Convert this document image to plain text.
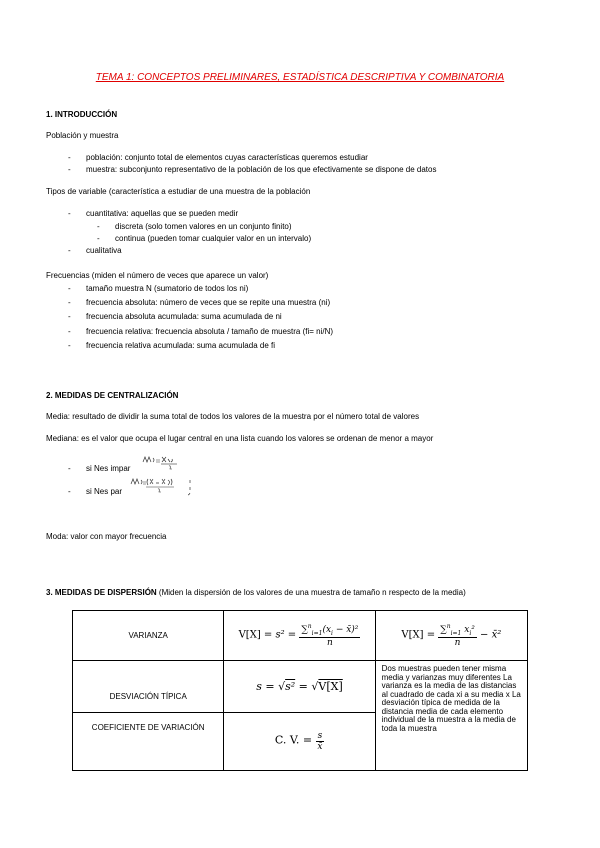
TEMA 1: CONCEPTOS PRELIMINARES, ESTADÍSTICA DESCRIPTIVA Y COMBINATORIA
1. INTRODUCCIÓN
Población y muestra
- población: conjunto total de elementos cuyas características queremos estudiar
- muestra: subconjunto representativo de la población de los que efectivamente se dispone de datos
Tipos de variable (característica a estudiar de una muestra de la población
- cuantitativa: aquellas que se pueden medir
- discreta (solo tomen valores en un conjunto finito)
- continua (pueden tomar cualquier valor en un intervalo)
- cualitativa
Frecuencias (miden el número de veces que aparece un valor)
- tamaño muestra N (sumatorio de todos los ni)
- frecuencia absoluta: número de veces que se repite una muestra (ni)
- frecuencia absoluta acumulada: suma acumulada de ni
- frecuencia relativa: frecuencia absoluta / tamaño de muestra (fi= ni/N)
- frecuencia relativa acumulada: suma acumulada de fi
2. MEDIDAS DE CENTRALIZACIÓN
Media: resultado de dividir la suma total de todos los valores de la muestra por el número total de valores
Mediana: es el valor que ocupa el lugar central en una lista cuando los valores se ordenan de menor a mayor
- si Nes impar
- si Nes par
Moda: valor con mayor frecuencia
3. MEDIDAS DE DISPERSIÓN (Miden la dispersión de los valores de una muestra de tamaño n respecto de la media)
VARIANZA	$V[X] = s^2 = \frac{\sum^n_{i=1}(x_i - x̄)^2}{n}$	$V[X] = \frac{\sum^n_{i=1} x_i^2}{n}$ − x̄²
DESVIACIÓN TÍPICA	s = √s² = √V[X]	Dos muestras pueden tener misma media y varianzas muy diferentes La varianza es la media de las distancias al cuadrado de cada xi a su media x La desviación típica de medida de la distancia media de cada elemento individual de la muestra a la media de toda la muestra

COEFICIENTE DE VARIACIÓN	C. V. = $\frac{s}{x̄}$
